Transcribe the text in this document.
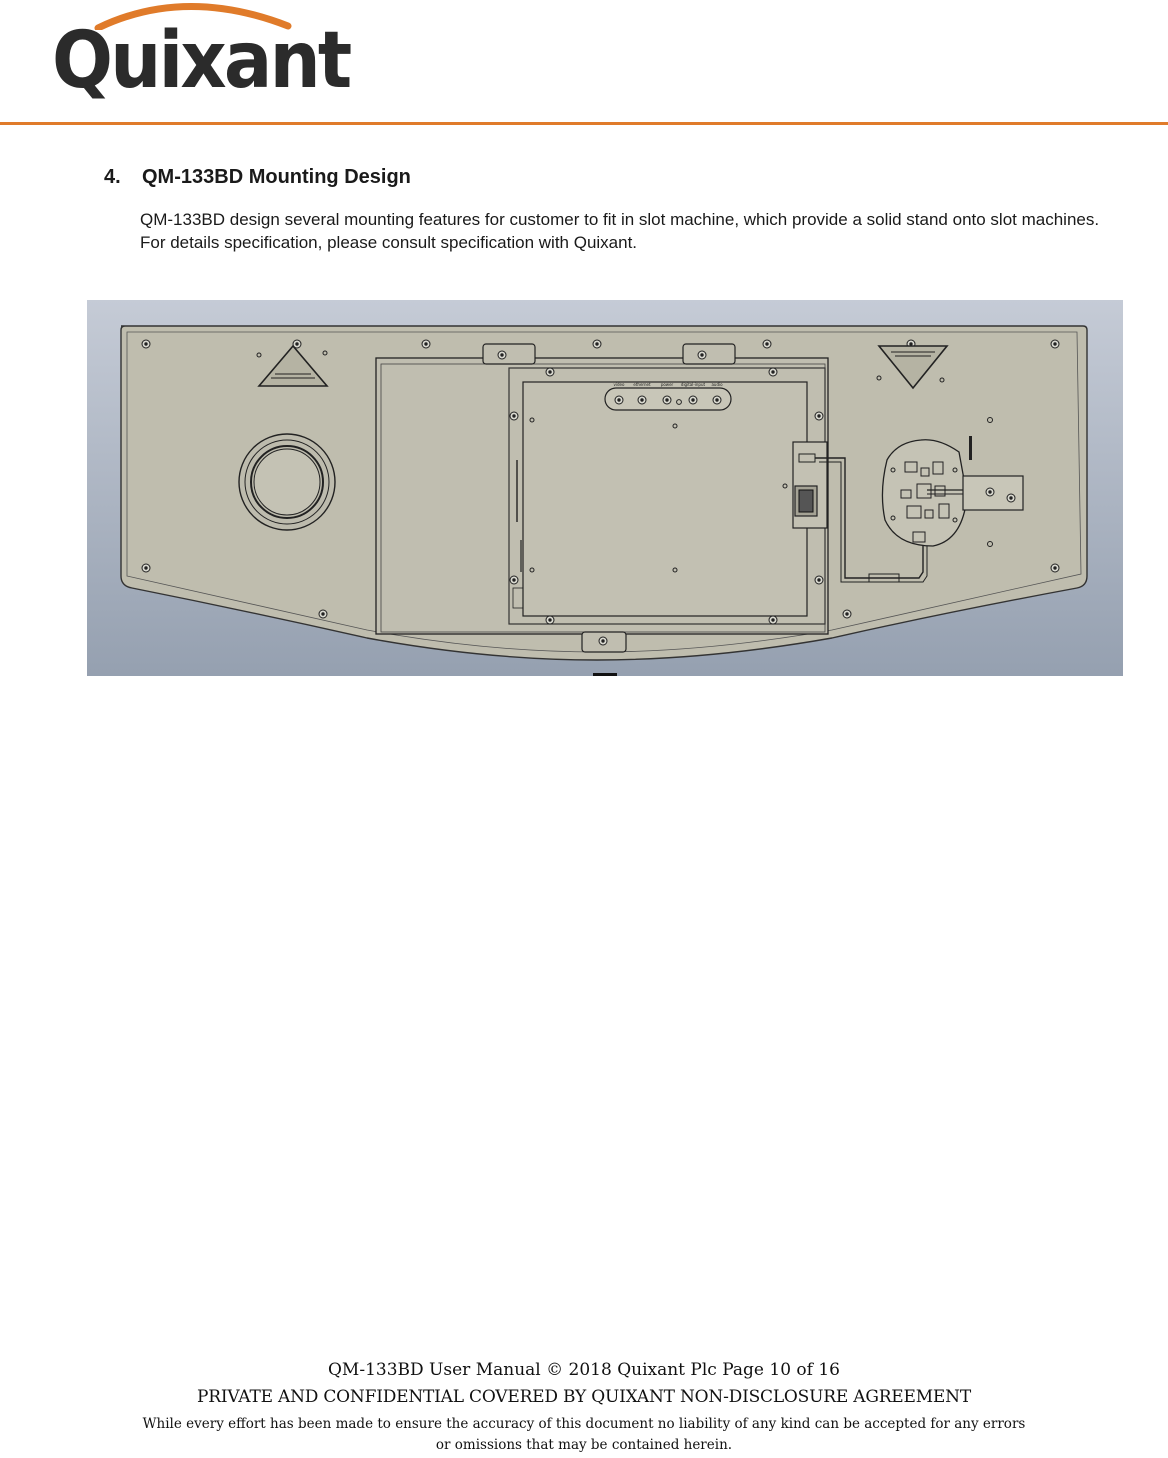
Quixant

4. QM-133BD Mounting Design

QM-133BD design several mounting features for customer to fit in slot machine, which provide a solid stand onto slot machines. For details specification, please consult specification with Quixant.

video ethernet	power digital-input audio
QM-133BD User Manual © 2018 Quixant Plc Page 10 of 16
PRIVATE AND CONFIDENTIAL COVERED BY QUIXANT NON-DISCLOSURE AGREEMENT
While every effort has been made to ensure the accuracy of this document no liability of any kind can be accepted for any errors
or omissions that may be contained herein.
